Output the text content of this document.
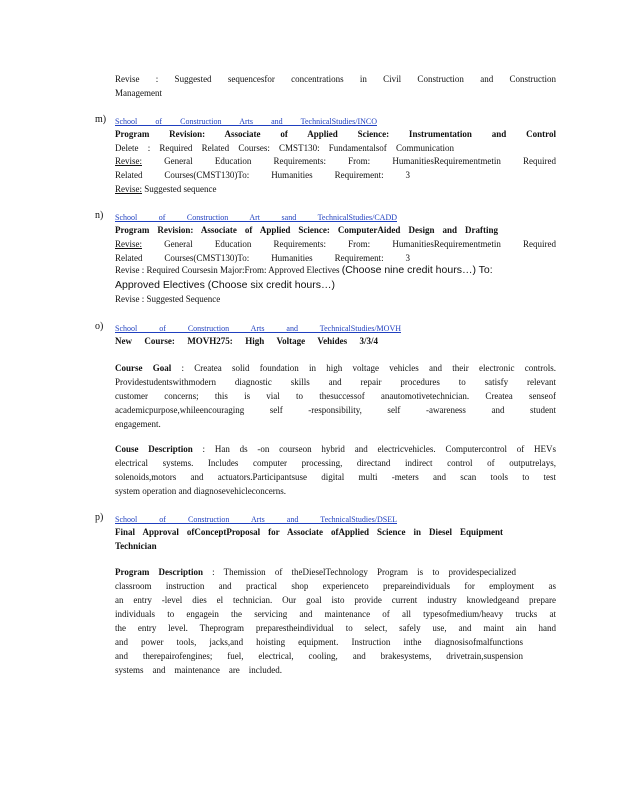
Revise : Suggested sequencesfor concentrations in Civil Construction and Construction
Management
m) School of Construction Arts and TechnicalStudies/INCO
Program Revision: Associate of Applied Science: Instrumentation and Control
Delete : Required Related Courses: CMST130: Fundamentalsof Communication
Revise: General Education Requirements: From: HumanitiesRequirementmetin Required
Related Courses(CMST130)To: Humanities Requirement: 3
Revise: Suggested sequence
n) School of Construction Art sand TechnicalStudies/CADD
Program Revision: Associate of Applied Science: ComputerAided Design and Drafting
Revise: General Education Requirements: From: HumanitiesRequirementmetin Required
Related Courses(CMST130)To: Humanities Requirement: 3
Revise : Required Coursesin Major:From: Approved Electives (Choose nine credit hours…) To:
Approved Electives (Choose six credit hours…)
Revise : Suggested Sequence
o) School of Construction Arts and TechnicalStudies/MOVH
New Course: MOVH275: High Voltage Vehides 3/3/4
Course Goal : Createa solid foundation in high voltage vehicles and their electronic controls.
Providestudentswithmodern diagnostic skills and repair procedures to satisfy relevant
customer concerns; this is vial to thesuccessof anautomotivetechnician. Createa senseof
academicpurpose,whileencouraging self -responsibility, self -awareness and student
engagement.
Couse Description : Han ds -on courseon hybrid and electricvehicles. Computercontrol of HEVs
electrical systems. Includes computer processing, directand indirect control of outputrelays,
solenoids,motors and actuators.Participantsuse digital multi -meters and scan tools to test
system operation and diagnosevehicleconcerns.
p) School of Construction Arts and TechnicalStudies/DSEL
Final Approval ofConceptProposal for Associate ofApplied Science in Diesel Equipment
Technician
Program Description : Themission of theDieselTechnology Program is to providespecialized
classroom instruction and practical shop experienceto prepareindividuals for employment as
an entry -level dies el technician. Our goal isto provide current industry knowledgeand prepare
individuals to engagein the servicing and maintenance of all typesofmedium/heavy trucks at
the entry level. Theprogram preparestheindividual to select, safely use, and maint ain hand
and power tools, jacks,and hoisting equipment. Instruction inthe diagnosisofmalfunctions
and therepairofengines; fuel, electrical, cooling, and brakesystems, drivetrain,suspension
systems and maintenance are included.
